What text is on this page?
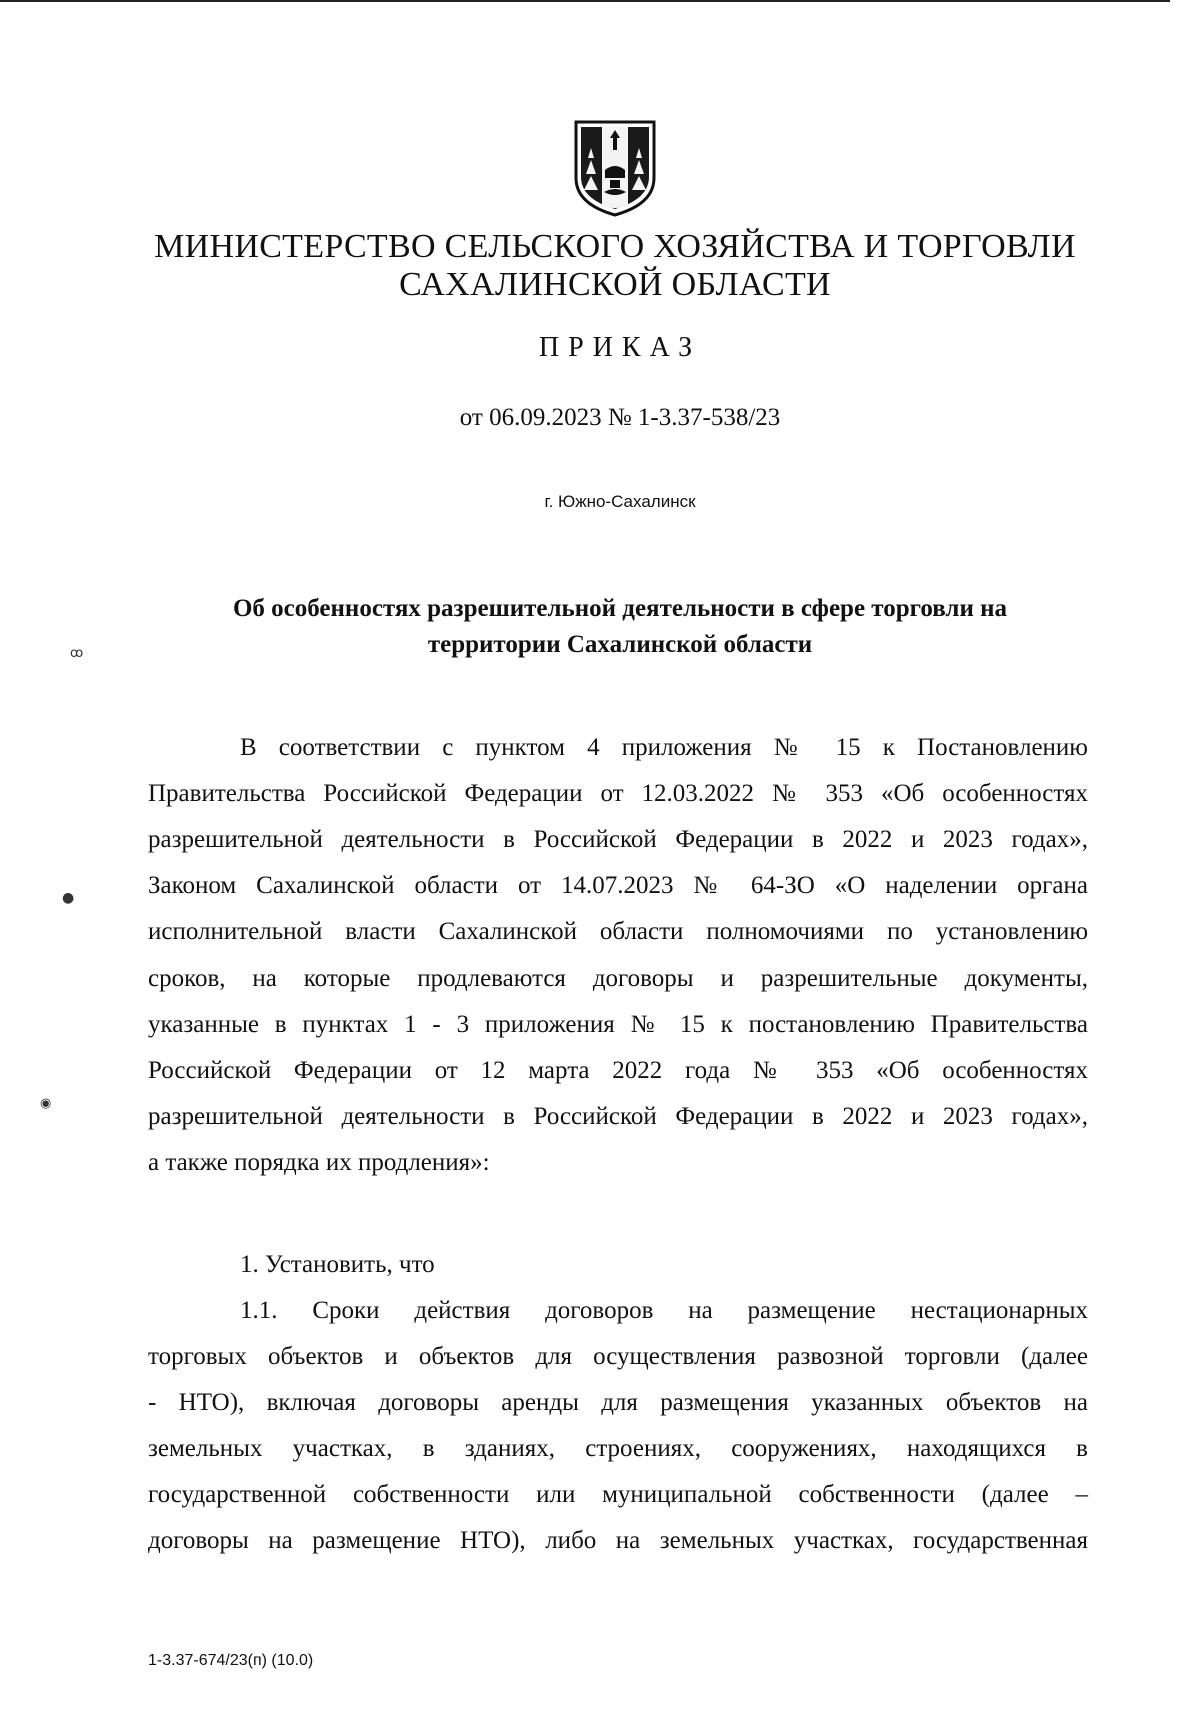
МИНИСТЕРСТВО СЕЛЬСКОГО ХОЗЯЙСТВА И ТОРГОВЛИ
САХАЛИНСКОЙ ОБЛАСТИ
ПРИКАЗ
от 06.09.2023 № 1-3.37-538/23
г. Южно-Сахалинск
Об особенностях разрешительной деятельности в сфере торговли на
территории Сахалинской области
В соответствии с пунктом 4 приложения № 15 к Постановлению
Правительства Российской Федерации от 12.03.2022 № 353 «Об особенностях
разрешительной деятельности в Российской Федерации в 2022 и 2023 годах»,
Законом Сахалинской области от 14.07.2023 № 64-ЗО «О наделении органа
исполнительной власти Сахалинской области полномочиями по установлению
сроков, на которые продлеваются договоры и разрешительные документы,
указанные в пунктах 1 - 3 приложения № 15 к постановлению Правительства
Российской Федерации от 12 марта 2022 года № 353 «Об особенностях
разрешительной деятельности в Российской Федерации в 2022 и 2023 годах»,
а также порядка их продления»:
1. Установить, что
1.1. Сроки действия договоров на размещение нестационарных
торговых объектов и объектов для осуществления развозной торговли (далее
- НТО), включая договоры аренды для размещения указанных объектов на
земельных участках, в зданиях, строениях, сооружениях, находящихся в
государственной собственности или муниципальной собственности (далее –
договоры на размещение НТО), либо на земельных участках, государственная
1-3.37-674/23(п) (10.0)
ꝏ
●
◉
